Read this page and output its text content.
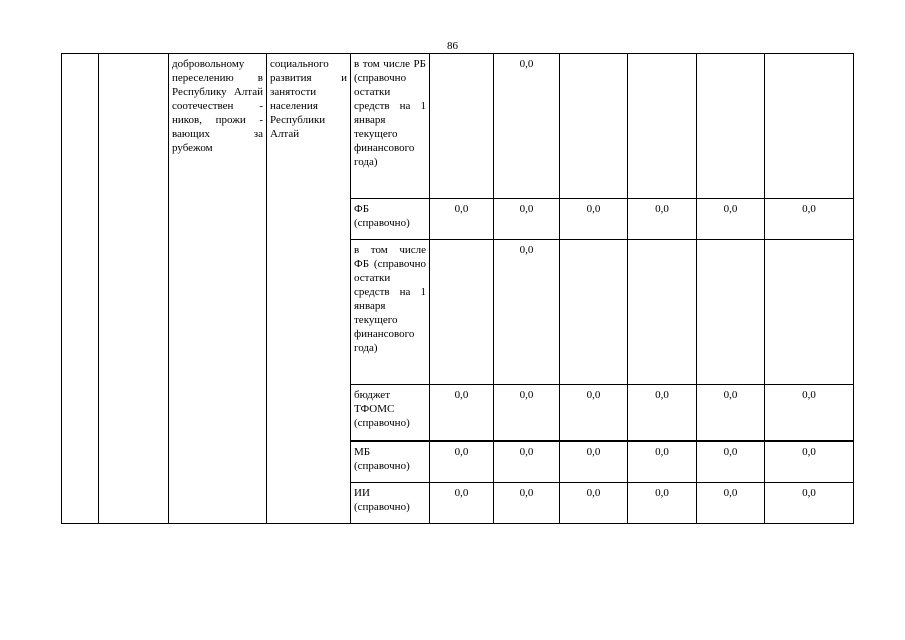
86
		добровольному переселению в Республику Алтай соотечествен - ников, прожи - вающих за рубежом	социального развития и занятости населения Республики Алтай	в том числе РБ (справочно остатки средств на 1 января текущего финансового года)		0,0				
				ФБ (справочно)	0,0	0,0	0,0	0,0	0,0	0,0
				в том числе ФБ (справочно остатки средств на 1 января текущего финансового года)		0,0				
				бюджет ТФОМС (справочно)	0,0	0,0	0,0	0,0	0,0	0,0
				МБ (справочно)	0,0	0,0	0,0	0,0	0,0	0,0
				ИИ (справочно)	0,0	0,0	0,0	0,0	0,0	0,0
